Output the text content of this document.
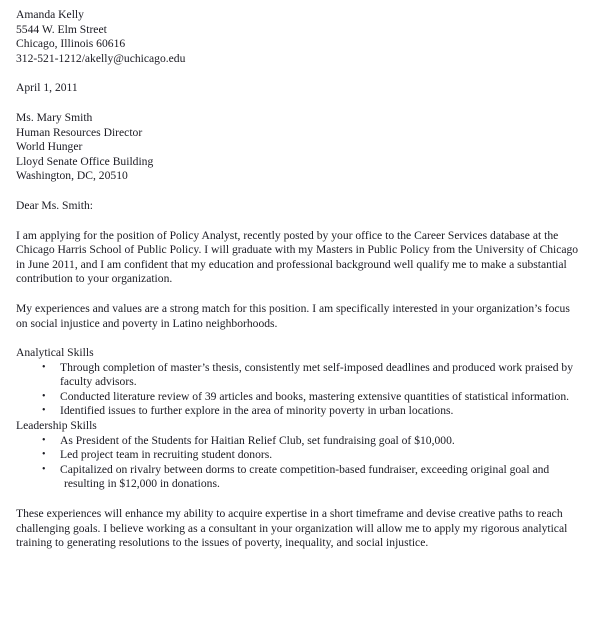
Amanda Kelly
5544 W. Elm Street
Chicago, Illinois 60616
312-521-1212/akelly@uchicago.edu
April 1, 2011
Ms. Mary Smith
Human Resources Director
World Hunger
Lloyd Senate Office Building
Washington, DC, 20510
Dear Ms. Smith:

I am applying for the position of Policy Analyst, recently posted by your office to the Career Services database at the Chicago Harris School of Public Policy. I will graduate with my Masters in Public Policy from the University of Chicago in June 2011, and I am confident that my education and professional background well qualify me to make a substantial contribution to your organization.

My experiences and values are a strong match for this position. I am specifically interested in your organization’s focus on social injustice and poverty in Latino neighborhoods.

Analytical Skills
• Through completion of master’s thesis, consistently met self-imposed deadlines and produced work praised by faculty advisors.
• Conducted literature review of 39 articles and books, mastering extensive quantities of statistical information.
• Identified issues to further explore in the area of minority poverty in urban locations.
Leadership Skills
• As President of the Students for Haitian Relief Club, set fundraising goal of $10,000.
• Led project team in recruiting student donors.
• Capitalized on rivalry between dorms to create competition-based fundraiser, exceeding original goal and resulting in $12,000 in donations.

These experiences will enhance my ability to acquire expertise in a short timeframe and devise creative paths to reach challenging goals. I believe working as a consultant in your organization will allow me to apply my rigorous analytical training to generating resolutions to the issues of poverty, inequality, and social injustice.
